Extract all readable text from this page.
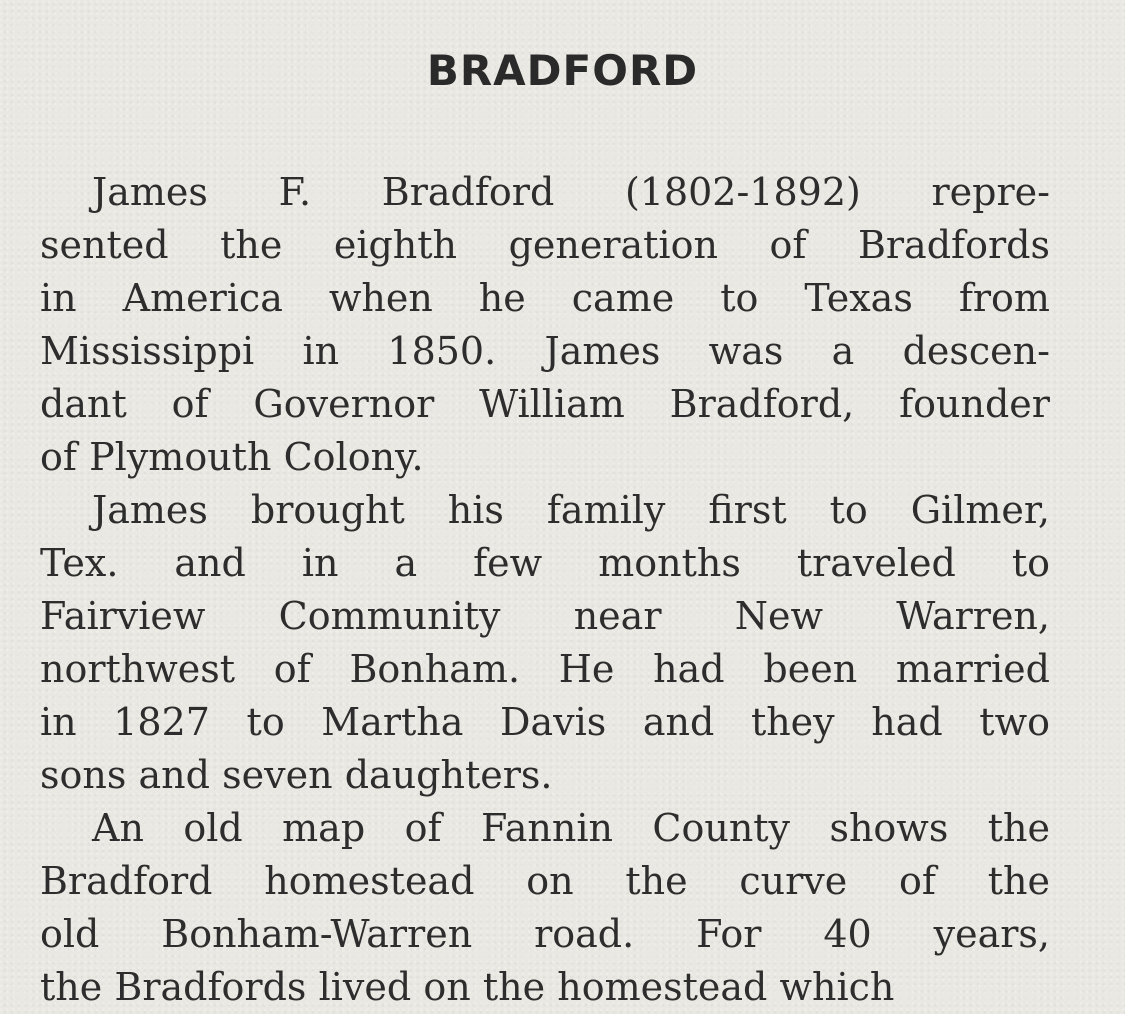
BRADFORD
James F. Bradford (1802-1892) repre-
sented the eighth generation of Bradfords
in America when he came to Texas from
Mississippi in 1850. James was a descen-
dant of Governor William Bradford, founder
of Plymouth Colony.
James brought his family first to Gilmer,
Tex. and in a few months traveled to
Fairview Community near New Warren,
northwest of Bonham. He had been married
in 1827 to Martha Davis and they had two
sons and seven daughters.
An old map of Fannin County shows the
Bradford homestead on the curve of the
old Bonham-Warren road. For 40 years,
the Bradfords lived on the homestead which
